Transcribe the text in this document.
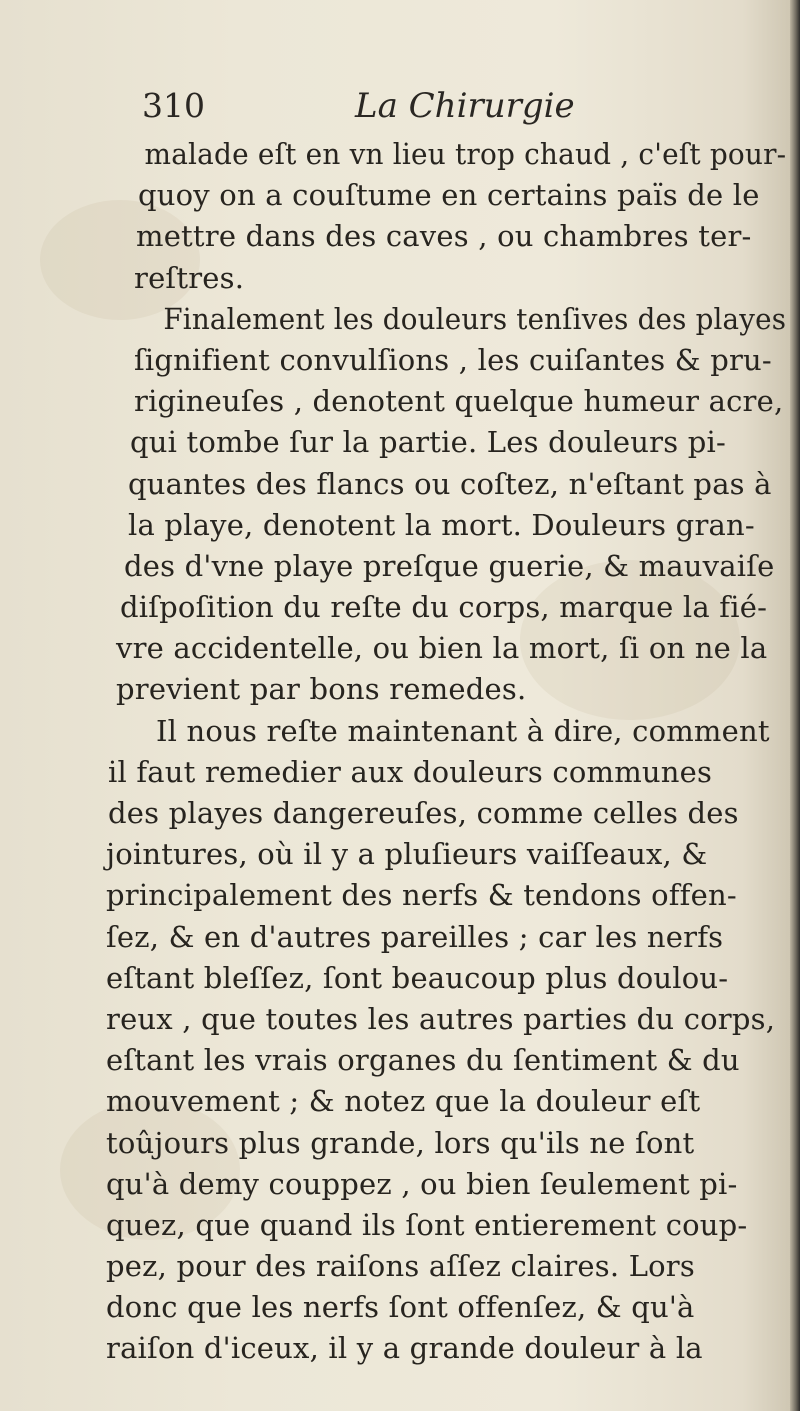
310	La Chirurgie
malade eſt en vn lieu trop chaud , c'eſt pour-
quoy on a couſtume en certains païs de le
mettre dans des caves , ou chambres ter-
reſtres.
Finalement les douleurs tenſives des playes
ſignifient convulſions , les cuiſantes & pru-
rigineuſes , denotent quelque humeur acre,
qui tombe ſur la partie. Les douleurs pi-
quantes des flancs ou coſtez, n'eſtant pas à
la playe, denotent la mort. Douleurs gran-
des d'vne playe preſque guerie, & mauvaiſe
diſpoſition du reſte du corps, marque la fié-
vre accidentelle, ou bien la mort, ſi on ne la
previent par bons remedes.
Il nous reſte maintenant à dire, comment
il faut remedier aux douleurs communes
des playes dangereuſes, comme celles des
jointures, où il y a pluſieurs vaiſſeaux, &
principalement des nerfs & tendons offen-
ſez, & en d'autres pareilles ; car les nerfs
eſtant bleſſez, ſont beaucoup plus doulou-
reux , que toutes les autres parties du corps,
eſtant les vrais organes du ſentiment & du
mouvement ; & notez que la douleur eſt
toûjours plus grande, lors qu'ils ne ſont
qu'à demy couppez , ou bien ſeulement pi-
quez, que quand ils ſont entierement coup-
pez, pour des raiſons aſſez claires. Lors
donc que les nerfs ſont offenſez, & qu'à
raiſon d'iceux, il y a grande douleur à la
